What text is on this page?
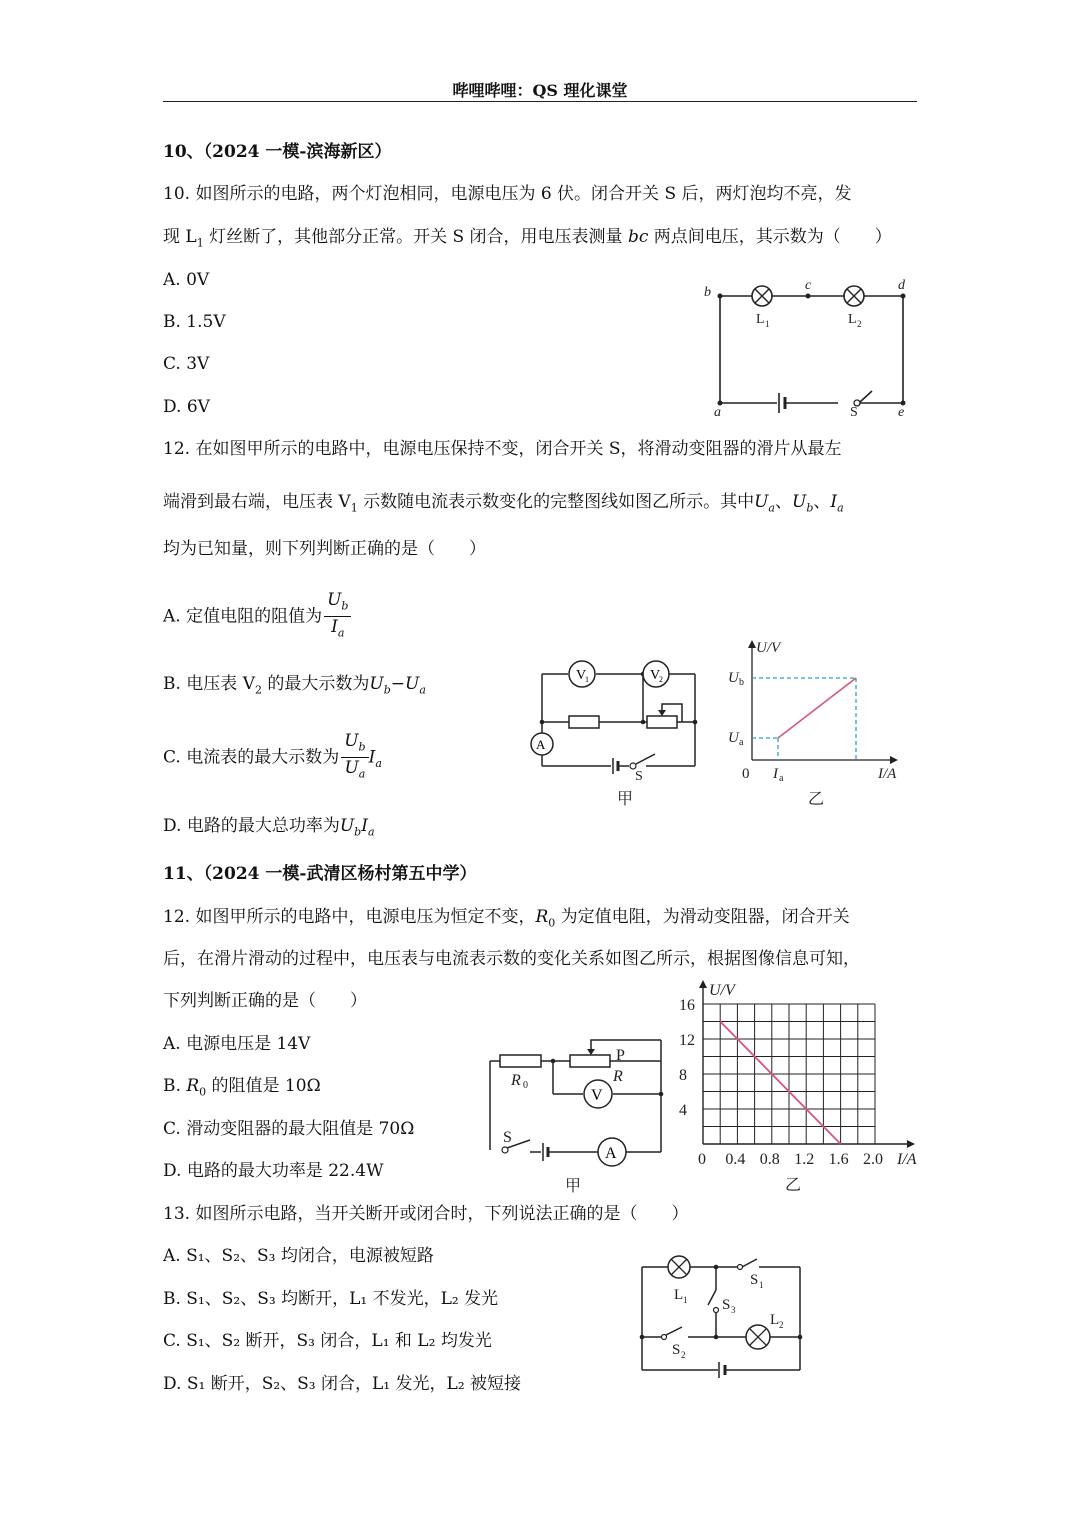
哔哩哔哩：QS 理化课堂
10、（2024 一模-滨海新区）
10. 如图所示的电路，两个灯泡相同，电源电压为 6 伏。闭合开关 S 后，两灯泡均不亮，发
现 $L_1$ 灯丝断了，其他部分正常。开关 S 闭合，用电压表测量 bc 两点间电压，其示数为（　　）
A. 0V
B. 1.5V
C. 3V
D. 6V
b	c	d
a	e
L 1	L 2
S
12. 在如图甲所示的电路中，电源电压保持不变，闭合开关 S，将滑动变阻器的滑片从最左
端滑到最右端，电压表 $V_1$ 示数随电流表示数变化的完整图线如图乙所示。其中$U_a$、$U_b$、$I_a$
均为已知量，则下列判断正确的是（　　）
A. 定值电阻的阻值为 $\frac{U_b}{I_a}$
B. 电压表 $V_2$ 的最大示数为$U_b-U_a$
C. 电流表的最大示数为 $\frac{U_b}{U_a} I_a$
D. 电路的最大总功率为$U_bI_a$
V
1	V
2
A
S
甲
U/V
I/A
0
U b
U a
I a
乙
11、（2024 一模-武清区杨村第五中学）
12. 如图甲所示的电路中，电源电压为恒定不变，$R_0$ 为定值电阻，为滑动变阻器，闭合开关
后，在滑片滑动的过程中，电压表与电流表示数的变化关系如图乙所示，根据图像信息可知，
下列判断正确的是（　　）
A. 电源电压是 14V
B. $R_0$ 的阻值是 10Ω
C. 滑动变阻器的最大阻值是 70Ω
D. 电路的最大功率是 22.4W
V
A
P
R
R 0
S
甲
16
12
8
4
0 0.4 0.8 1.2 1.6 2.0
U/V
I/A
乙
13. 如图所示电路，当开关断开或闭合时，下列说法正确的是（　　）
A. S₁、S₂、S₃ 均闭合，电源被短路
B. S₁、S₂、S₃ 均断开，L₁ 不发光，L₂ 发光
C. S₁、S₂ 断开，S₃ 闭合，L₁ 和 L₂ 均发光
D. S₁ 断开，S₂、S₃ 闭合，L₁ 发光，L₂ 被短接
L 1
S 1
S 3
L 2
S 2
